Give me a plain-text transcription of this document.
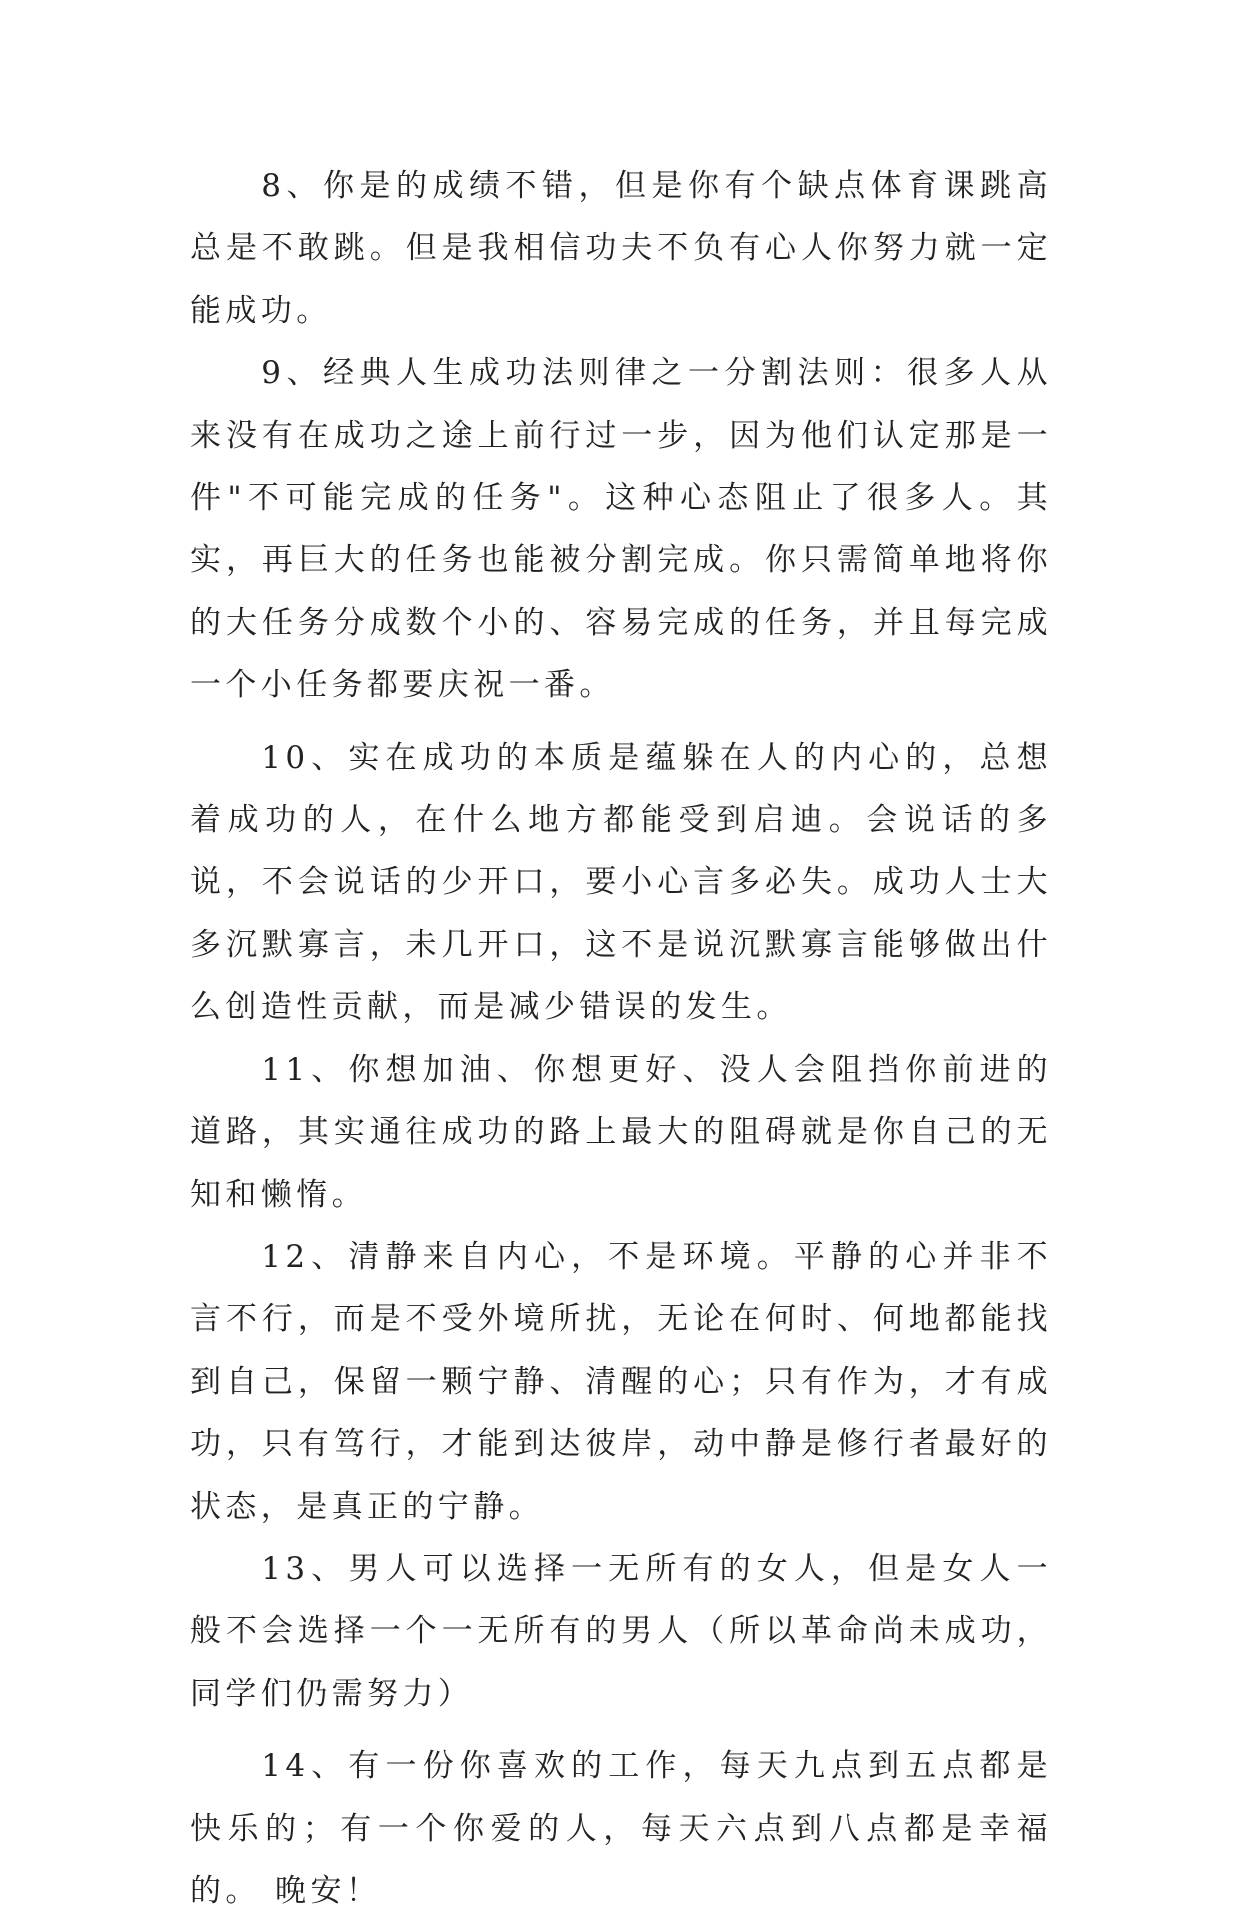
8、你是的成绩不错，但是你有个缺点体育课跳高总是不敢跳。但是我相信功夫不负有心人你努力就一定能成功。

9、经典人生成功法则律之一分割法则：很多人从来没有在成功之途上前行过一步，因为他们认定那是一件"不可能完成的任务"。这种心态阻止了很多人。其实，再巨大的任务也能被分割完成。你只需简单地将你的大任务分成数个小的、容易完成的任务，并且每完成一个小任务都要庆祝一番。

10、实在成功的本质是蕴躲在人的内心的，总想着成功的人，在什么地方都能受到启迪。会说话的多说，不会说话的少开口，要小心言多必失。成功人士大多沉默寡言，未几开口，这不是说沉默寡言能够做出什么创造性贡献，而是减少错误的发生。

11、你想加油、你想更好、没人会阻挡你前进的道路，其实通往成功的路上最大的阻碍就是你自己的无知和懒惰。

12、清静来自内心，不是环境。平静的心并非不言不行，而是不受外境所扰，无论在何时、何地都能找到自己，保留一颗宁静、清醒的心；只有作为，才有成功，只有笃行，才能到达彼岸，动中静是修行者最好的状态，是真正的宁静。

13、男人可以选择一无所有的女人，但是女人一般不会选择一个一无所有的男人（所以革命尚未成功，同学们仍需努力）

14、有一份你喜欢的工作，每天九点到五点都是快乐的；有一个你爱的人，每天六点到八点都是幸福的。 晚安！
